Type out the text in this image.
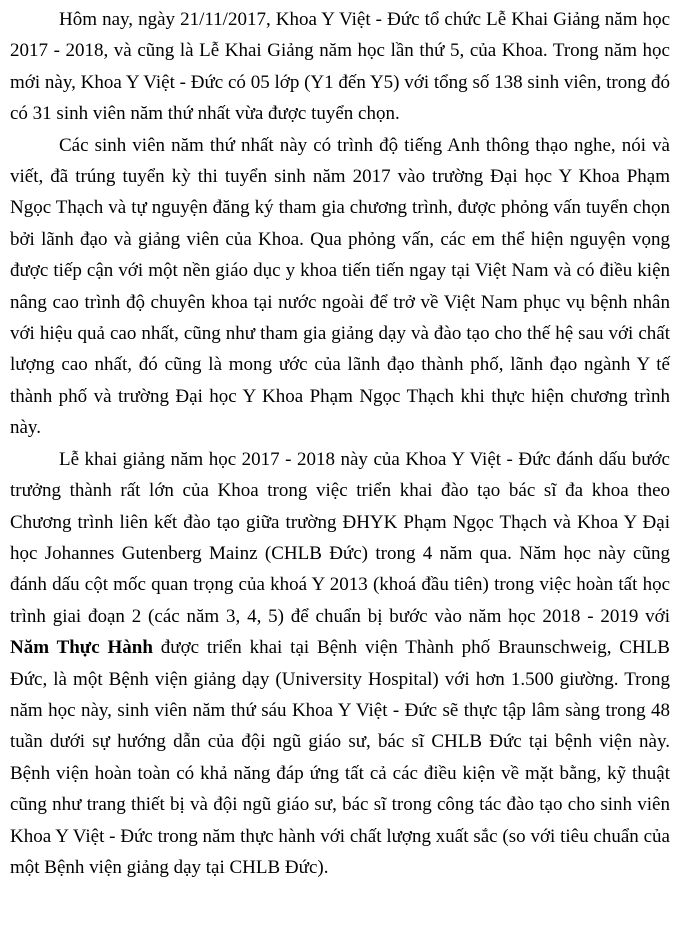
Hôm nay, ngày 21/11/2017, Khoa Y Việt - Đức tổ chức Lễ Khai Giảng năm học 2017 - 2018, và cũng là Lễ Khai Giảng năm học lần thứ 5, của Khoa. Trong năm học mới này, Khoa Y Việt - Đức có 05 lớp (Y1 đến Y5) với tổng số 138 sinh viên, trong đó có 31 sinh viên năm thứ nhất vừa được tuyển chọn.

Các sinh viên năm thứ nhất này có trình độ tiếng Anh thông thạo nghe, nói và viết, đã trúng tuyển kỳ thi tuyển sinh năm 2017 vào trường Đại học Y Khoa Phạm Ngọc Thạch và tự nguyện đăng ký tham gia chương trình, được phỏng vấn tuyển chọn bởi lãnh đạo và giảng viên của Khoa. Qua phỏng vấn, các em thể hiện nguyện vọng được tiếp cận với một nền giáo dục y khoa tiến tiến ngay tại Việt Nam và có điều kiện nâng cao trình độ chuyên khoa tại nước ngoài để trở về Việt Nam phục vụ bệnh nhân với hiệu quả cao nhất, cũng như tham gia giảng dạy và đào tạo cho thế hệ sau với chất lượng cao nhất, đó cũng là mong ước của lãnh đạo thành phố, lãnh đạo ngành Y tế thành phố và trường Đại học Y Khoa Phạm Ngọc Thạch khi thực hiện chương trình này.

Lễ khai giảng năm học 2017 - 2018 này của Khoa Y Việt - Đức đánh dấu bước trưởng thành rất lớn của Khoa trong việc triển khai đào tạo bác sĩ đa khoa theo Chương trình liên kết đào tạo giữa trường ĐHYK Phạm Ngọc Thạch và Khoa Y Đại học Johannes Gutenberg Mainz (CHLB Đức) trong 4 năm qua. Năm học này cũng đánh dấu cột mốc quan trọng của khoá Y 2013 (khoá đầu tiên) trong việc hoàn tất học trình giai đoạn 2 (các năm 3, 4, 5) để chuẩn bị bước vào năm học 2018 - 2019 với Năm Thực Hành được triển khai tại Bệnh viện Thành phố Braunschweig, CHLB Đức, là một Bệnh viện giảng dạy (University Hospital) với hơn 1.500 giường. Trong năm học này, sinh viên năm thứ sáu Khoa Y Việt - Đức sẽ thực tập lâm sàng trong 48 tuần dưới sự hướng dẫn của đội ngũ giáo sư, bác sĩ CHLB Đức tại bệnh viện này. Bệnh viện hoàn toàn có khả năng đáp ứng tất cả các điều kiện về mặt bằng, kỹ thuật cũng như trang thiết bị và đội ngũ giáo sư, bác sĩ trong công tác đào tạo cho sinh viên Khoa Y Việt - Đức trong năm thực hành với chất lượng xuất sắc (so với tiêu chuẩn của một Bệnh viện giảng dạy tại CHLB Đức).
